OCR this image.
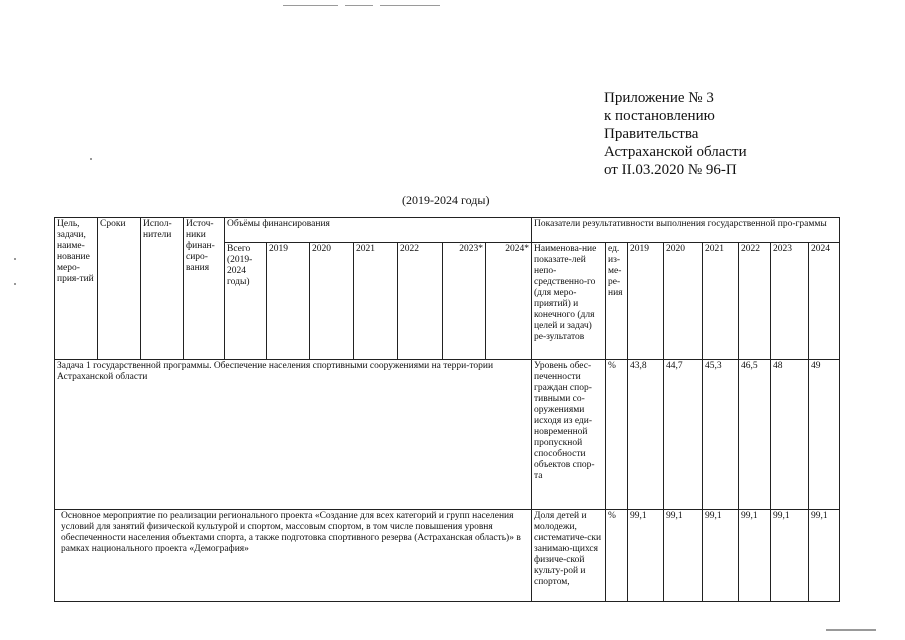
Приложение № 3
к постановлению
Правительства
Астраханской области
от II.03.2020 № 96-П
(2019-2024 годы)
Цель, задачи, наиме-нование меро-прия-тий	Сроки	Испол-нители	Источ-ники финан-сиро-вания	Объёмы финансирования							Показатели результативности выполнения государственной про-граммы							
				Всего (2019-2024 годы)	2019	2020	2021	2022	2023*	2024*	Наименова-ние показате-лей непо-средственно-го (для меро-приятий) и конечного (для целей и задач) ре-зультатов	ед. из-ме-ре-ния	2019	2020	2021	2022	2023	2024
Задача 1 государственной программы. Обеспечение населения спортивными сооружениями на терри-тории Астраханской области											Уровень обес-печенности граждан спор-тивными со-оружениями исходя из еди-новременной пропускной способности объектов спор-та	%	43,8	44,7	45,3	46,5	48	49
Основное мероприятие по реализации регионального проекта «Создание для всех категорий и групп населения условий для занятий физической культурой и спортом, массовым спортом, в том числе повышения уровня обеспеченности населения объектами спорта, а также подготовка спортивного резерва (Астраханская область)» в рамках национального проекта «Демография»											Доля детей и молодежи, систематиче-ски занимаю-щихся физиче-ской культу-рой и спортом,	%	99,1	99,1	99,1	99,1	99,1	99,1
